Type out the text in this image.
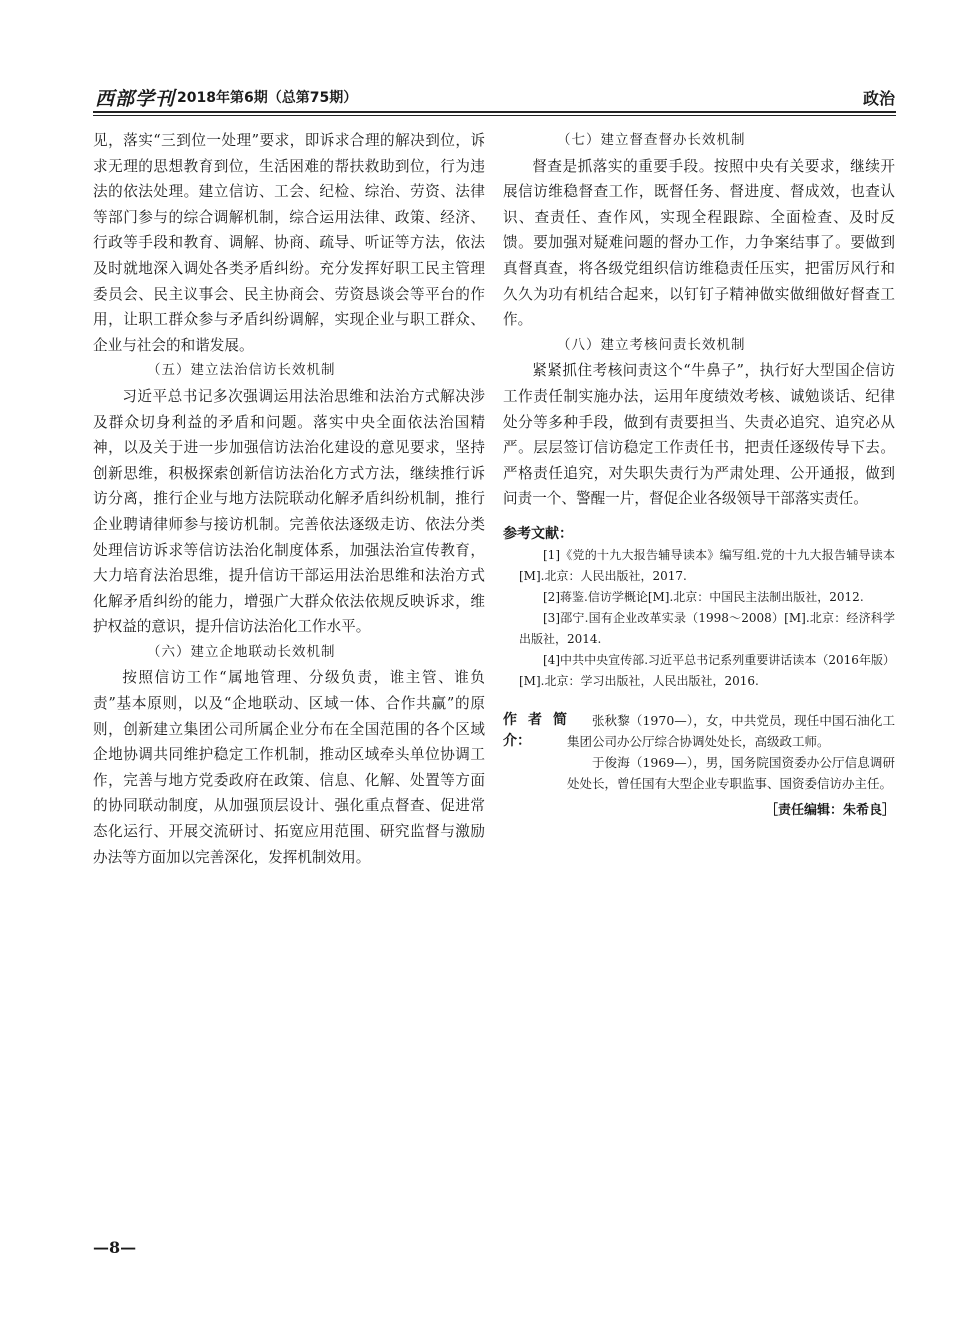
西部学刊 2018年第6期（总第75期）	政治

见，落实“三到位一处理”要求，即诉求合理的解决到位，诉求无理的思想教育到位，生活困难的帮扶救助到位，行为违法的依法处理。建立信访、工会、纪检、综治、劳资、法律等部门参与的综合调解机制，综合运用法律、政策、经济、行政等手段和教育、调解、协商、疏导、听证等方法，依法及时就地深入调处各类矛盾纠纷。充分发挥好职工民主管理委员会、民主议事会、民主协商会、劳资恳谈会等平台的作用，让职工群众参与矛盾纠纷调解，实现企业与职工群众、企业与社会的和谐发展。

（五）建立法治信访长效机制

习近平总书记多次强调运用法治思维和法治方式解决涉及群众切身利益的矛盾和问题。落实中央全面依法治国精神，以及关于进一步加强信访法治化建设的意见要求，坚持创新思维，积极探索创新信访法治化方式方法，继续推行诉访分离，推行企业与地方法院联动化解矛盾纠纷机制，推行企业聘请律师参与接访机制。完善依法逐级走访、依法分类处理信访诉求等信访法治化制度体系，加强法治宣传教育，大力培育法治思维，提升信访干部运用法治思维和法治方式化解矛盾纠纷的能力，增强广大群众依法依规反映诉求，维护权益的意识，提升信访法治化工作水平。

（六）建立企地联动长效机制

按照信访工作“属地管理、分级负责，谁主管、谁负责”基本原则，以及“企地联动、区域一体、合作共赢”的原则，创新建立集团公司所属企业分布在全国范围的各个区域企地协调共同维护稳定工作机制，推动区域牵头单位协调工作，完善与地方党委政府在政策、信息、化解、处置等方面的协同联动制度，从加强顶层设计、强化重点督查、促进常态化运行、开展交流研讨、拓宽应用范围、研究监督与激励办法等方面加以完善深化，发挥机制效用。

（七）建立督查督办长效机制

督查是抓落实的重要手段。按照中央有关要求，继续开展信访维稳督查工作，既督任务、督进度、督成效，也查认识、查责任、查作风，实现全程跟踪、全面检查、及时反馈。要加强对疑难问题的督办工作，力争案结事了。要做到真督真查，将各级党组织信访维稳责任压实，把雷厉风行和久久为功有机结合起来，以钉钉子精神做实做细做好督查工作。

（八）建立考核问责长效机制

紧紧抓住考核问责这个“牛鼻子”，执行好大型国企信访工作责任制实施办法，运用年度绩效考核、诚勉谈话、纪律处分等多种手段，做到有责要担当、失责必追究、追究必从严。层层签订信访稳定工作责任书，把责任逐级传导下去。严格责任追究，对失职失责行为严肃处理、公开通报，做到问责一个、警醒一片，督促企业各级领导干部落实责任。

参考文献：

[1]《党的十九大报告辅导读本》编写组.党的十九大报告辅导读本[M].北京：人民出版社，2017.

[2]蒋鉴.信访学概论[M].北京：中国民主法制出版社，2012.

[3]邵宁.国有企业改革实录（1998～2008）[M].北京：经济科学出版社，2014.

[4]中共中央宣传部.习近平总书记系列重要讲话读本（2016年版）[M].北京：学习出版社，人民出版社，2016.

作者简介：

张秋黎（1970—），女，中共党员，现任中国石油化工集团公司办公厅综合协调处处长，高级政工师。

于俊海（1969—），男，国务院国资委办公厅信息调研处处长，曾任国有大型企业专职监事、国资委信访办主任。

［责任编辑：朱希良］
—8—
